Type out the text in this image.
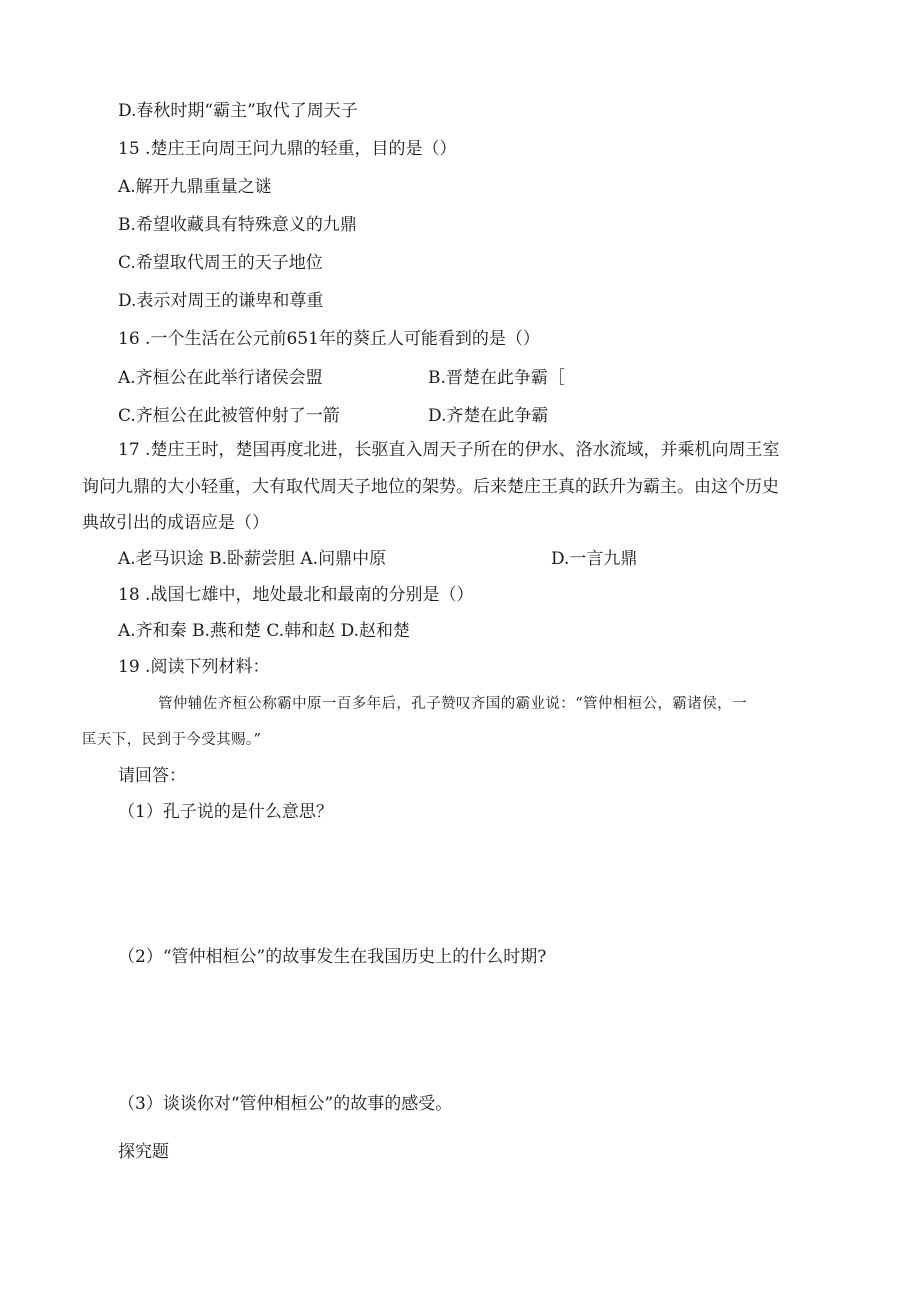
D.春秋时期“霸主”取代了周天子
15 .楚庄王向周王问九鼎的轻重，目的是（）
A.解开九鼎重量之谜
B.希望收藏具有特殊意义的九鼎
C.希望取代周王的天子地位
D.表示对周王的谦卑和尊重
16 .一个生活在公元前651年的葵丘人可能看到的是（）
A.齐桓公在此举行诸侯会盟	B.晋楚在此争霸［
C.齐桓公在此被管仲射了一箭	D.齐楚在此争霸
17 .楚庄王时，楚国再度北进，长驱直入周天子所在的伊水、洛水流域，并乘机向周王室
询问九鼎的大小轻重，大有取代周天子地位的架势。后来楚庄王真的跃升为霸主。由这个历史
典故引出的成语应是（）
A.老马识途 B.卧薪尝胆 A.问鼎中原	D.一言九鼎
18 .战国七雄中，地处最北和最南的分别是（）
A.齐和秦 B.燕和楚 C.韩和赵 D.赵和楚
19 .阅读下列材料：
管仲辅佐齐桓公称霸中原一百多年后，孔子赞叹齐国的霸业说：“管仲相桓公，霸诸侯，一
匡天下，民到于今受其赐。”
请回答：
（1）孔子说的是什么意思？
（2）“管仲相桓公”的故事发生在我国历史上的什么时期?
（3）谈谈你对“管仲相桓公”的故事的感受。
探究题
